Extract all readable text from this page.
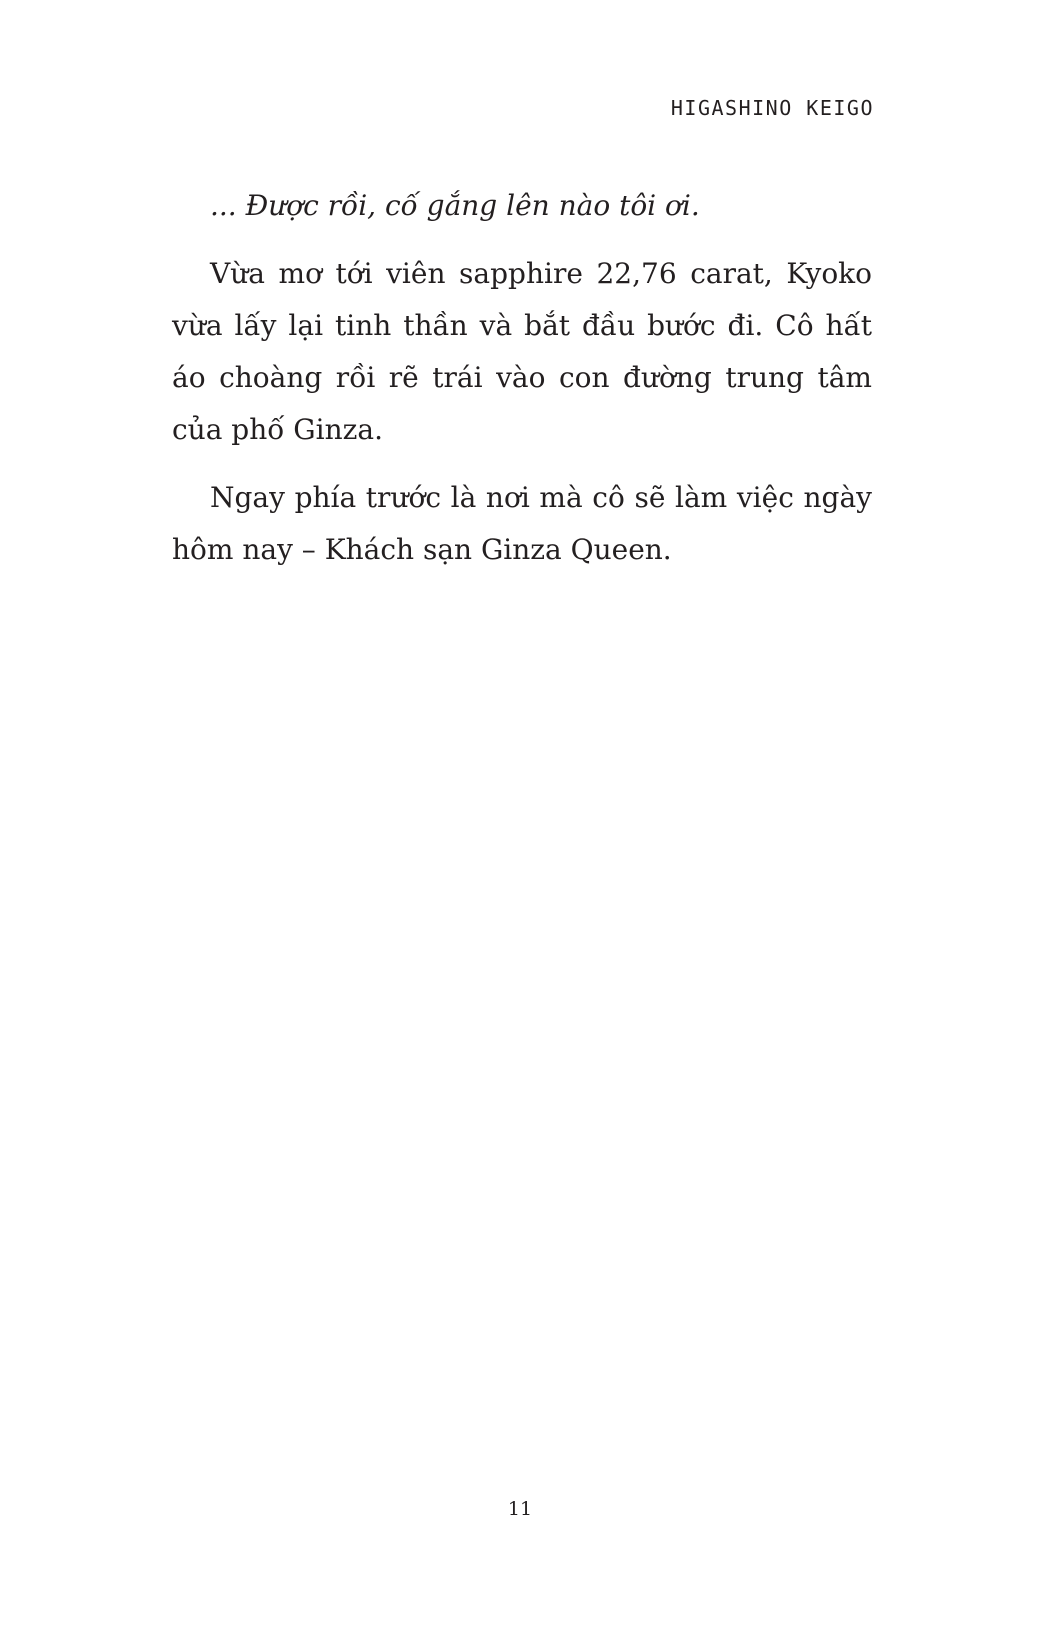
HIGASHINO KEIGO

... Được rồi, cố gắng lên nào tôi ơi.

Vừa mơ tới viên sapphire 22,76 carat, Kyoko vừa lấy lại tinh thần và bắt đầu bước đi. Cô hất áo choàng rồi rẽ trái vào con đường trung tâm của phố Ginza.

Ngay phía trước là nơi mà cô sẽ làm việc ngày hôm nay – Khách sạn Ginza Queen.

11
